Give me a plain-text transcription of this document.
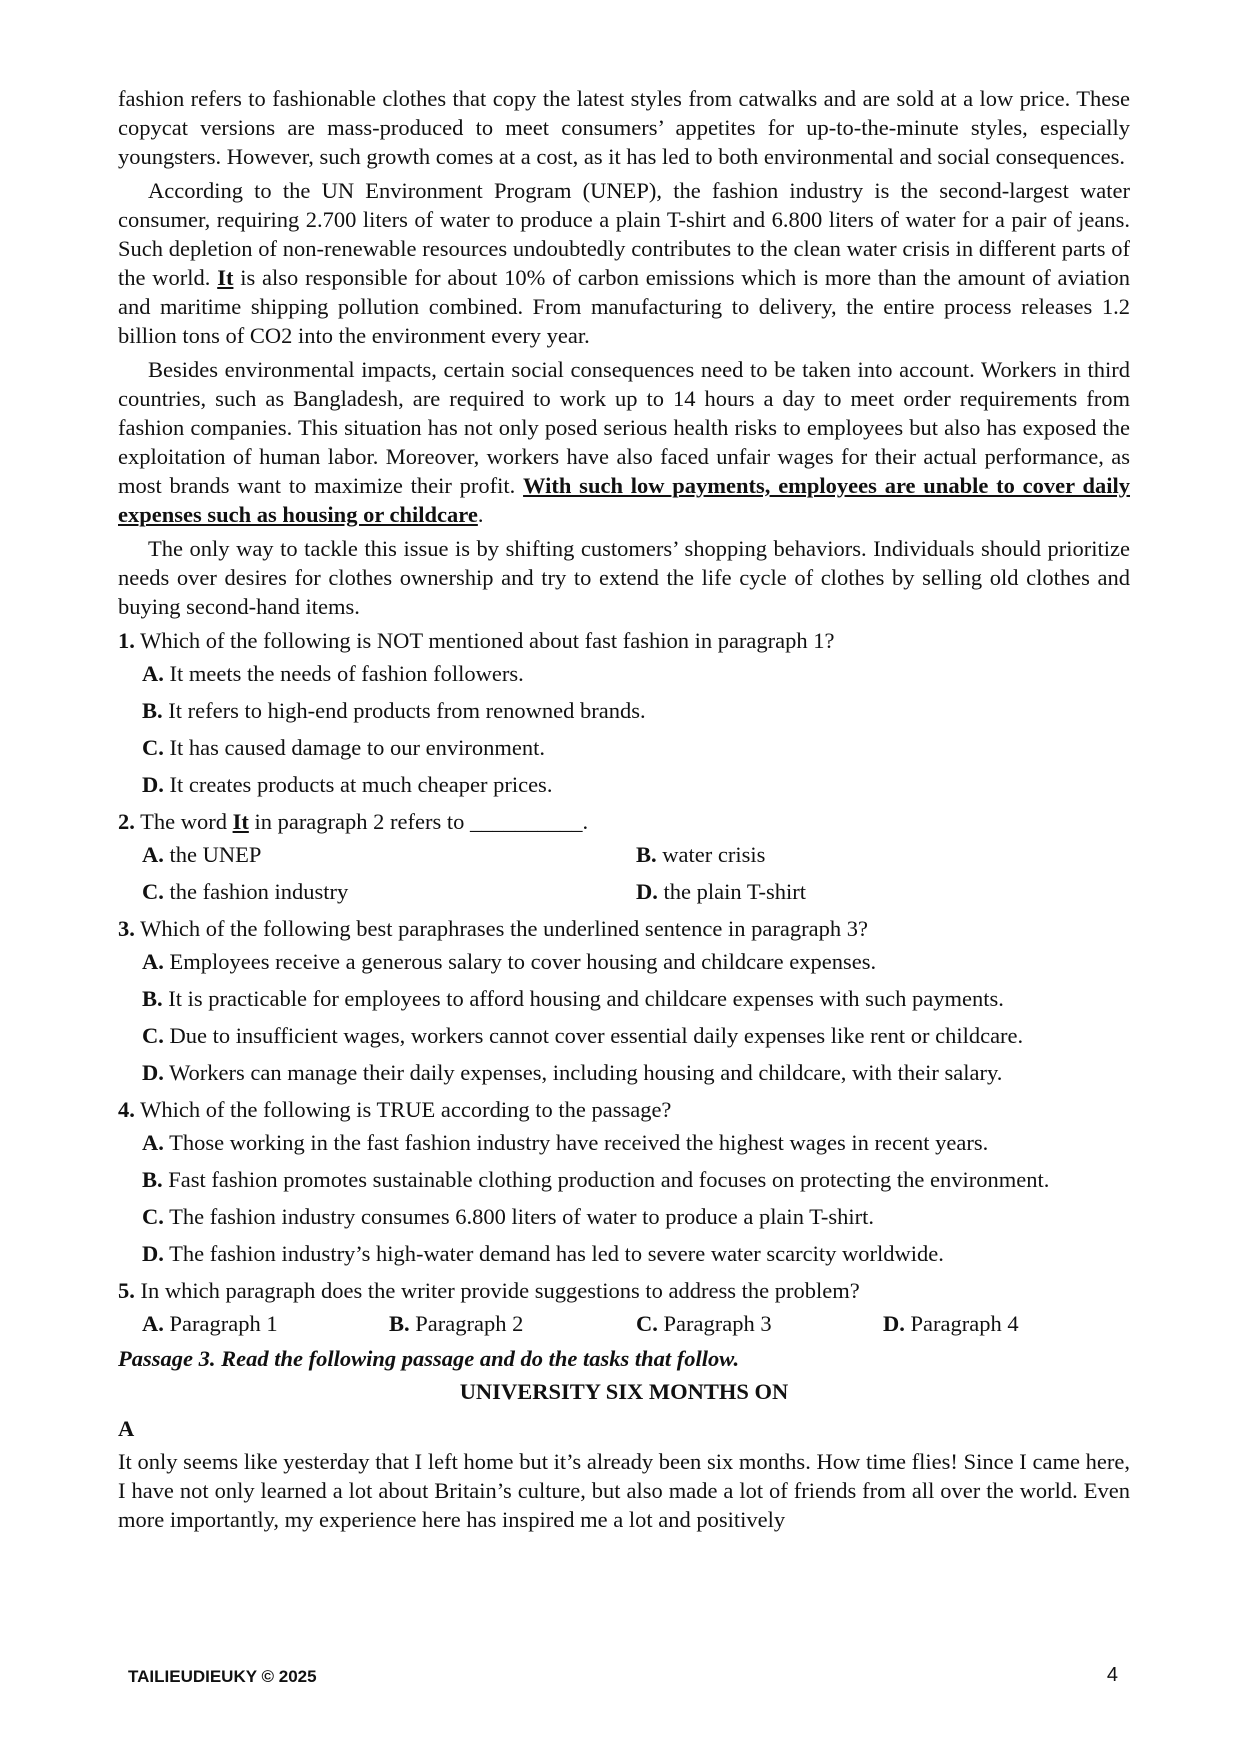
fashion refers to fashionable clothes that copy the latest styles from catwalks and are sold at a low price. These copycat versions are mass-produced to meet consumers’ appetites for up-to-the-minute styles, especially youngsters. However, such growth comes at a cost, as it has led to both environmental and social consequences.

According to the UN Environment Program (UNEP), the fashion industry is the second-largest water consumer, requiring 2.700 liters of water to produce a plain T-shirt and 6.800 liters of water for a pair of jeans. Such depletion of non-renewable resources undoubtedly contributes to the clean water crisis in different parts of the world. It is also responsible for about 10% of carbon emissions which is more than the amount of aviation and maritime shipping pollution combined. From manufacturing to delivery, the entire process releases 1.2 billion tons of CO2 into the environment every year.

Besides environmental impacts, certain social consequences need to be taken into account. Workers in third countries, such as Bangladesh, are required to work up to 14 hours a day to meet order requirements from fashion companies. This situation has not only posed serious health risks to employees but also has exposed the exploitation of human labor. Moreover, workers have also faced unfair wages for their actual performance, as most brands want to maximize their profit. With such low payments, employees are unable to cover daily expenses such as housing or childcare.

The only way to tackle this issue is by shifting customers’ shopping behaviors. Individuals should prioritize needs over desires for clothes ownership and try to extend the life cycle of clothes by selling old clothes and buying second-hand items.

1. Which of the following is NOT mentioned about fast fashion in paragraph 1?

A. It meets the needs of fashion followers.

B. It refers to high-end products from renowned brands.

C. It has caused damage to our environment.

D. It creates products at much cheaper prices.

2. The word It in paragraph 2 refers to __________.

A. the UNEP	B. water crisis

C. the fashion industry	D. the plain T-shirt

3. Which of the following best paraphrases the underlined sentence in paragraph 3?

A. Employees receive a generous salary to cover housing and childcare expenses.

B. It is practicable for employees to afford housing and childcare expenses with such payments.

C. Due to insufficient wages, workers cannot cover essential daily expenses like rent or childcare.

D. Workers can manage their daily expenses, including housing and childcare, with their salary.

4. Which of the following is TRUE according to the passage?

A. Those working in the fast fashion industry have received the highest wages in recent years.

B. Fast fashion promotes sustainable clothing production and focuses on protecting the environment.

C. The fashion industry consumes 6.800 liters of water to produce a plain T-shirt.

D. The fashion industry’s high-water demand has led to severe water scarcity worldwide.

5. In which paragraph does the writer provide suggestions to address the problem?

A. Paragraph 1	B. Paragraph 2	C. Paragraph 3	D. Paragraph 4

Passage 3. Read the following passage and do the tasks that follow.

UNIVERSITY SIX MONTHS ON

A

It only seems like yesterday that I left home but it’s already been six months. How time flies! Since I came here, I have not only learned a lot about Britain’s culture, but also made a lot of friends from all over the world. Even more importantly, my experience here has inspired me a lot and positively

TAILIEUDIEUKY © 2025	4
